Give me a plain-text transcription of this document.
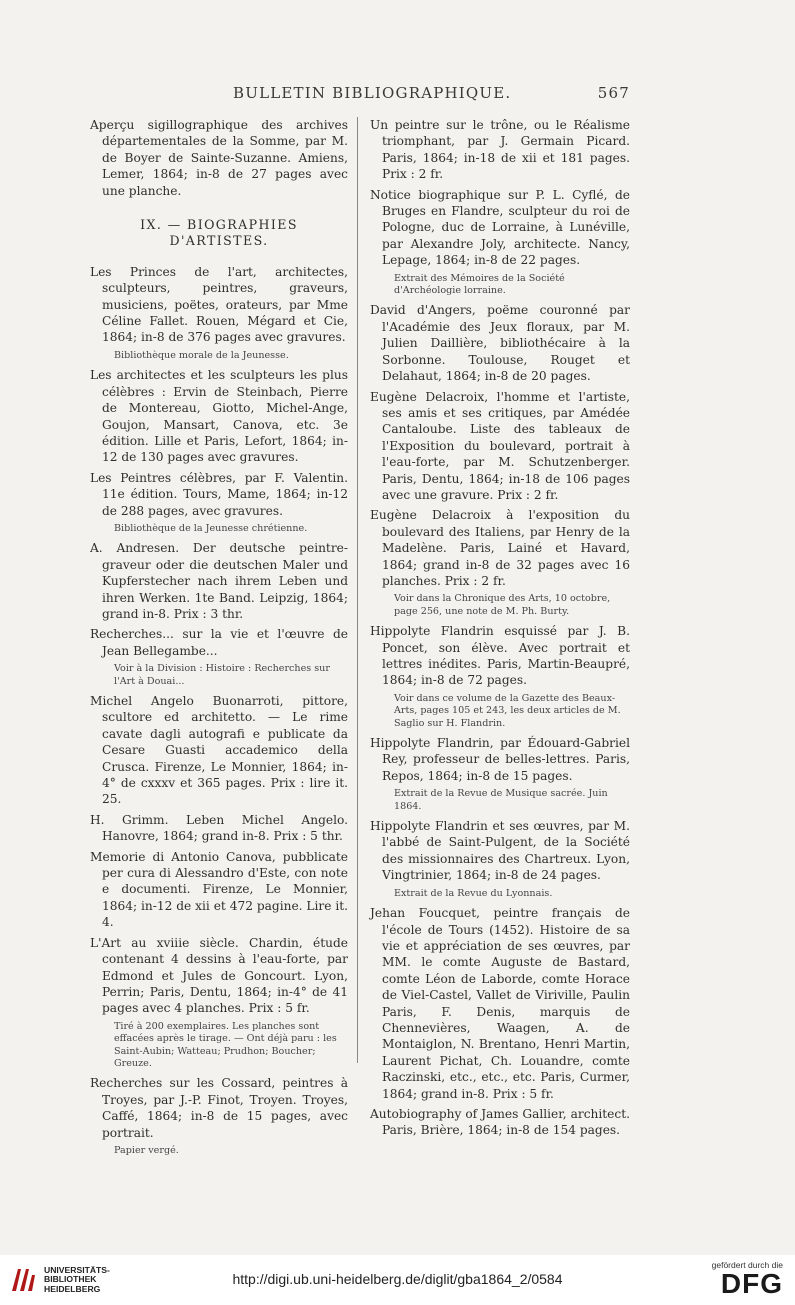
BULLETIN BIBLIOGRAPHIQUE.	567
Aperçu sigillographique des archives départementales de la Somme, par M. de Boyer de Sainte-Suzanne. Amiens, Lemer, 1864; in-8 de 27 pages avec une planche.
IX. — BIOGRAPHIES D'ARTISTES.
Les Princes de l'art, architectes, sculpteurs, peintres, graveurs, musiciens, poëtes, orateurs, par Mme Céline Fallet. Rouen, Mégard et Cie, 1864; in-8 de 376 pages avec gravures.
Bibliothèque morale de la Jeunesse.
Les architectes et les sculpteurs les plus célèbres : Ervin de Steinbach, Pierre de Montereau, Giotto, Michel-Ange, Goujon, Mansart, Canova, etc. 3e édition. Lille et Paris, Lefort, 1864; in-12 de 130 pages avec gravures.
Les Peintres célèbres, par F. Valentin. 11e édition. Tours, Mame, 1864; in-12 de 288 pages, avec gravures.
Bibliothèque de la Jeunesse chrétienne.
A. Andresen. Der deutsche peintre-graveur oder die deutschen Maler und Kupferstecher nach ihrem Leben und ihren Werken. 1te Band. Leipzig, 1864; grand in-8. Prix : 3 thr.
Recherches... sur la vie et l'œuvre de Jean Bellegambe...
Voir à la Division : Histoire : Recherches sur l'Art à Douai...
Michel Angelo Buonarroti, pittore, scultore ed architetto. — Le rime cavate dagli autografi e publicate da Cesare Guasti accademico della Crusca. Firenze, Le Monnier, 1864; in-4° de cxxxv et 365 pages. Prix : lire it. 25.
H. Grimm. Leben Michel Angelo. Hanovre, 1864; grand in-8. Prix : 5 thr.
Memorie di Antonio Canova, pubblicate per cura di Alessandro d'Este, con note e documenti. Firenze, Le Monnier, 1864; in-12 de xii et 472 pagine. Lire it. 4.
L'Art au xviiie siècle. Chardin, étude contenant 4 dessins à l'eau-forte, par Edmond et Jules de Goncourt. Lyon, Perrin; Paris, Dentu, 1864; in-4° de 41 pages avec 4 planches. Prix : 5 fr.
Tiré à 200 exemplaires. Les planches sont effacées après le tirage. — Ont déjà paru : les Saint-Aubin; Watteau; Prudhon; Boucher; Greuze.
Recherches sur les Cossard, peintres à Troyes, par J.-P. Finot, Troyen. Troyes, Caffé, 1864; in-8 de 15 pages, avec portrait.
Papier vergé.
Un peintre sur le trône, ou le Réalisme triomphant, par J. Germain Picard. Paris, 1864; in-18 de xii et 181 pages. Prix : 2 fr.
Notice biographique sur P. L. Cyflé, de Bruges en Flandre, sculpteur du roi de Pologne, duc de Lorraine, à Lunéville, par Alexandre Joly, architecte. Nancy, Lepage, 1864; in-8 de 22 pages.
Extrait des Mémoires de la Société d'Archéologie lorraine.
David d'Angers, poëme couronné par l'Académie des Jeux floraux, par M. Julien Daillière, bibliothécaire à la Sorbonne. Toulouse, Rouget et Delahaut, 1864; in-8 de 20 pages.
Eugène Delacroix, l'homme et l'artiste, ses amis et ses critiques, par Amédée Cantaloube. Liste des tableaux de l'Exposition du boulevard, portrait à l'eau-forte, par M. Schutzenberger. Paris, Dentu, 1864; in-18 de 106 pages avec une gravure. Prix : 2 fr.
Eugène Delacroix à l'exposition du boulevard des Italiens, par Henry de la Madelène. Paris, Lainé et Havard, 1864; grand in-8 de 32 pages avec 16 planches. Prix : 2 fr.
Voir dans la Chronique des Arts, 10 octobre, page 256, une note de M. Ph. Burty.
Hippolyte Flandrin esquissé par J. B. Poncet, son élève. Avec portrait et lettres inédites. Paris, Martin-Beaupré, 1864; in-8 de 72 pages.
Voir dans ce volume de la Gazette des Beaux-Arts, pages 105 et 243, les deux articles de M. Saglio sur H. Flandrin.
Hippolyte Flandrin, par Édouard-Gabriel Rey, professeur de belles-lettres. Paris, Repos, 1864; in-8 de 15 pages.
Extrait de la Revue de Musique sacrée. Juin 1864.
Hippolyte Flandrin et ses œuvres, par M. l'abbé de Saint-Pulgent, de la Société des missionnaires des Chartreux. Lyon, Vingtrinier, 1864; in-8 de 24 pages.
Extrait de la Revue du Lyonnais.
Jehan Foucquet, peintre français de l'école de Tours (1452). Histoire de sa vie et appréciation de ses œuvres, par MM. le comte Auguste de Bastard, comte Léon de Laborde, comte Horace de Viel-Castel, Vallet de Viriville, Paulin Paris, F. Denis, marquis de Chennevières, Waagen, A. de Montaiglon, N. Brentano, Henri Martin, Laurent Pichat, Ch. Louandre, comte Raczinski, etc., etc., etc. Paris, Curmer, 1864; grand in-8. Prix : 5 fr.
Autobiography of James Gallier, architect. Paris, Brière, 1864; in-8 de 154 pages.
UNIVERSITÄTS-
BIBLIOTHEK
HEIDELBERG
http://digi.ub.uni-heidelberg.de/diglit/gba1864_2/0584
gefördert durch die
DFG
